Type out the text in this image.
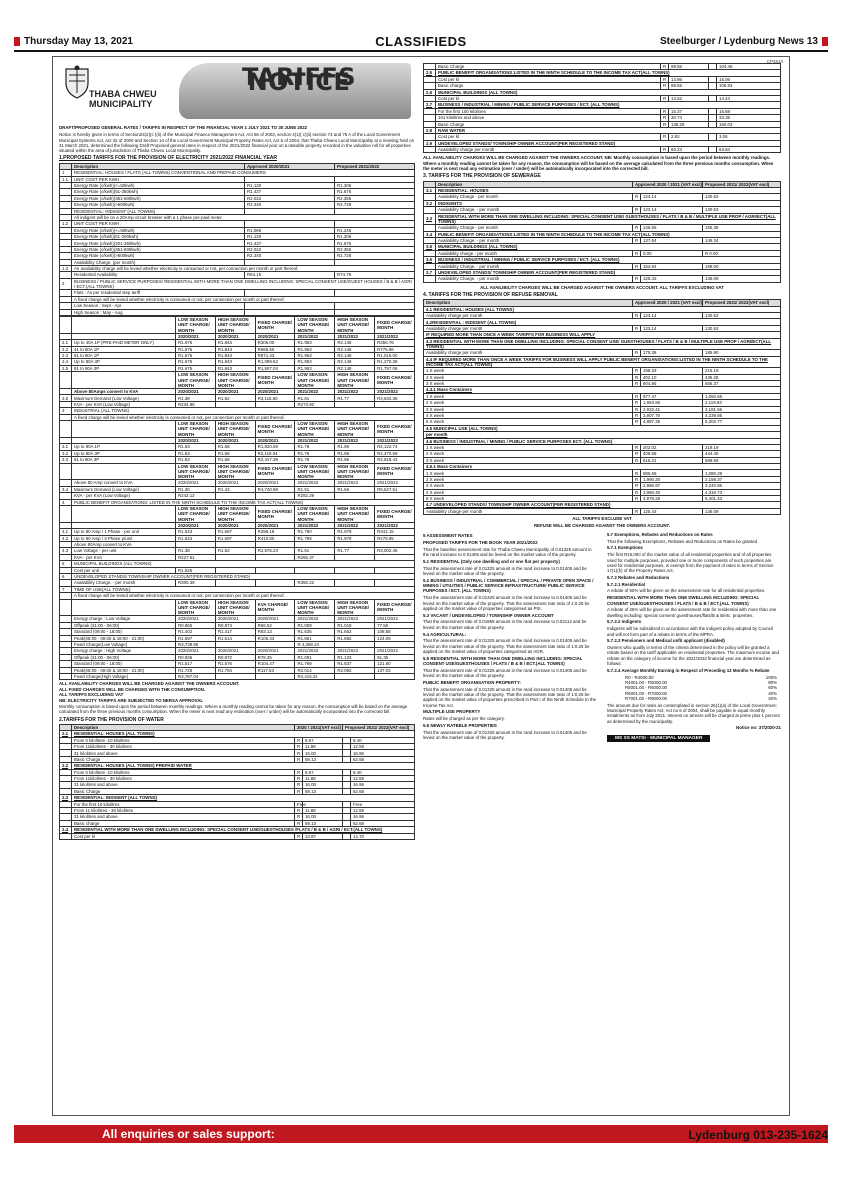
Thursday May 13, 2021	CLASSIFIEDS	Steelburger / Lydenburg News 13
CP4610
THABA CHWEU
MUNICIPALITY
TARIFFS NOTICE

DRAFT/PROPOSED GENERAL RATES / TARIFFS IN RESPECT OF THE FINANCIAL YEAR 1 JULY 2021 TO 30 JUNE 2022

Notice is hereby given in terms of Section24(2)(c )(ii) of the Municipal Finance Management Act, Act 56 of 2003, section 4(1)( c)(ii) section 74 and 75 A of the Local Government Municipal Systems Act, Act 32 of 2000 and Section 14 of the Local Government Municipal Property Rates Act, Act 6 of 2004, that Thaba Chweu Local Municipality at a meeting held on 31 March 2021, determined the following Draft Proposed general rates in respect of the 2021/2022 financial year on a rateable property recorded in the valuation roll for all properties situated within the area of jurisdiction of Thaba Chweu Local Municipality.

1.PROPOSED TARIFFS FOR THE PROVISION OF ELECTRICITY 2021/2022 FINANCIAL YEAR
	Description	Approved 2020/2021	Proposed 2021/2022
1	RESIDENTIAL: HOUSES / FLATS (ALL TOWNS) CONVENTIONAL AND PREPAID CONSUMERS		
1.1	UNIT COST PER KWH :		
	Energy Rate (c/kwh)(<=50kwh)	R1.120	R1.306
	Energy Rate (c/kwh)(51-350kwh)	R1.437	R1.675
	Energy Rate (c/kwh)(351-600kwh)	R2.022	R2.356
	Energy Rate (c/kwh)(>600kwh)	R2.340	R2.728
	RESIDENTIAL: INDIGENT (ALL TOWNS)		
	All indigent will be on a 20Amp circuit breaker with a 1 phase pre-paid meter.		
1.2	UNIT COST PER KWH :		
	Energy Rate (c/kwh)(<=50kwh)	R1.069	R1.246
	Energy Rate (c/kwh)(51-200kwh)	R1.120	R1.306
	Energy Rate (c/kwh)(201-350kwh)	R1.437	R1.675
	Energy Rate (c/kwh)(351-600kwh)	R2.022	R2.356
	Energy Rate (c/kwh)(>600kwh)	R2.340	R2.728
	Availability Charge. (per month)		
1.3	An availability charge will be levied whether electricity is consumed or not, per connection per month or part thereof.		
	Residential Availability	R64.15	R74.79
2	BUSINESS / PUBLIC SERVICE PURPOSES/ RESIDENTIAL WITH MORE THAN ONE DWELLING INCLUDING: SPECIAL CONSENT USE/GUEST HOUSES / B & B / AGRI / ECT.(ALL TOWNS)		
	Flats : As per residential step tariff		
	A fixed charge will be levied whether electricity is consumed or not, per connection per month or part thereof.		
	Low Season : Sept - Apr		
	High Season : May - Aug		
		LOW SEASON UNIT CHARGE/ MONTH	HIGH SEASON UNIT CHARGE/ MONTH	FIXED CHARGE/ MONTH	LOW SEASON UNIT CHARGE/ MONTH	HIGH SEASON UNIT CHARGE/ MONTH	FIXED CHARGE/ MONTH
		2020/2021	2020/2021	2020/2021	2021/2022	2021/2022	2021/2022
2.1	Up to 40A 1P (PRE-PAID METER ONLY)	R1.675	R1.843	R306.00	R1.953	R2.148	R356.76
2.2	41 to 80A 1P	R1.675	R1.843	R665.55	R1.953	R2.148	R775.96
2.3	81 to 80A 1P	R1.675	R1.843	R871.43	R1.953	R2.148	R1,016.00
2.4	Up to 80A 3P	R1.675	R1.843	R1,089.62	R1.953	R2.148	R1,270.39
2.5	81 to 80A 3P	R1.675	R1.843	R1,507.04	R1.953	R2.148	R1,757.06
		LOW SEASON UNIT CHARGE/ MONTH	HIGH SEASON UNIT CHARGE/ MONTH	FIXED CHARGE/ MONTH	LOW SEASON UNIT CHARGE/ MONTH	HIGH SEASON UNIT CHARGE/ MONTH	FIXED CHARGE/ MONTH
	Above 80Amps convert to KVA	2020/2021	2020/2021	2020/2021	2021/2022	2021/2022	2021/2022
2.6	Maximum Demand (Low Voltage)	R1.38	R1.52	R3,115.50	R1.61	R1.77	R3,632.36
	KVA - per KVA (Low Voltage)	R234.85			R273.92		
3	INDUSTRIAL (ALL TOWNS)						
	A fixed charge will be levied whether electricity is consumed or not, per connection per month or part thereof.						
		LOW SEASON UNIT CHARGE/ MONTH	HIGH SEASON UNIT CHARGE/ MONTH	FIXED CHARGE/ MONTH	LOW SEASON UNIT CHARGE/ MONTH	HIGH SEASON UNIT CHARGE/ MONTH	FIXED CHARGE/ MONTH
		2020/2021	2020/2021	2020/2021	2021/2022	2021/2022	2021/2022
3.1	Up to 80A 1P	R1.53	R1.68	R1,820.69	R1.78	R1.96	R2,122.74
3.2	Up to 80A 3P	R1.53	R1.68	R2,119.04	R1.78	R1.96	R2,470.59
3.3	81 to 80A 3P	R1.53	R1.68	R2,417.39	R1.78	R1.96	R2,818.43
		LOW SEASON UNIT CHARGE/ MONTH	HIGH SEASON UNIT CHARGE/ MONTH	FIXED CHARGE/ MONTH	LOW SEASON UNIT CHARGE/ MONTH	HIGH SEASON UNIT CHARGE/ MONTH	FIXED CHARGE/ MONTH
	Above 80 Amp convert to KVA	2020/2021	2020/2021	2020/2021	2021/2022	2021/2022	2021/2022
3.4	Maximum Demand (Low Voltage)	R1.30	R1.43	R4,740.98	R1.51	R1.66	R5,527.51
	KVA - per KVA (Low Voltage)	R242.12			R282.29		
4	PUBLIC BENEFIT ORGANISATIONS: LISTED IN THE NINTH SCHEDULE TO THE INCOME TAX ACT(ALL TOWNS)						
		LOW SEASON UNIT CHARGE/ MONTH	HIGH SEASON UNIT CHARGE/ MONTH	FIXED CHARGE/ MONTH	LOW SEASON UNIT CHARGE/ MONTH	HIGH SEASON UNIT CHARGE/ MONTH	FIXED CHARGE/ MONTH
		2020/2021	2020/2021	2020/2021	2021/2022	2021/2022	2021/2022
4.1	Up to 80 Amp / 1 Phase - per unit	R1.543	R1.697	R295.18	R1.790	R1.979	R344.15
4.2	Up to 80 Amp / 3 Phase p/unit	R1.543	R1.697	R410.80	R1.789	R1.979	R478.95
	Above 80Amp convert to KVA						
4.3	Low Voltage - per unit	R1.38	R1.52	R2,575.23	R1.61	R1.77	R3,002.46
	KVA - per KVA	R227.61			R265.37		
5	MUNICIPAL BUILDINGS (ALL TOWNS)						
	Cost per unit	R1.525					
6	UNDEVELOPED STANDS/ TOWNSHIP OWNER ACCOUNT(PER REGISTERED STAND)						
	Availability Charge. - per month	R300.39			R350.22		
7	TIME OF USE(ALL TOWNS):						
	A fixed charge will be levied whether electricity is consumed or not, per connection per month or part thereof.						
		LOW SEASON UNIT CHARGE/ MONTH	HIGH SEASON UNIT CHARGE/ MONTH	KVA CHARGE/ MONTH	LOW SEASON UNIT CHARGE/ MONTH	HIGH SEASON UNIT CHARGE/ MONTH	FIXED CHARGE/ MONTH
	Energy charge : Low Voltage	2020/2021	2020/2021	2020/2021	2021/2022	2021/2022	2021/2022
	Offpeak (21:00 - 06:00)	R0.865	R0.874	R66.52	R1.008	R1.019	77.56
	Standard (09:00 - 18:00)	R1.402	R1.417	R93.13	R1.635	R1.652	108.58
	Peak(06:00 - 09:00 & 18:00 - 21:00)	R1.597	R1.614	R106.43	R1.861	R1.882	124.09
	Fixed Charge(Low Voltage)	R3,738.95			R 4,359.24		
	Energy charge : High Voltage	2020/2021	2020/2021	2020/2021	2021/2022	2021/2022	2021/2022
	Offpeak (21:00 - 06:00)	R0.936	R0.972	R78.35	R1.091	R1.133	91.35
	Standard (09:00 - 18:00)	R1.517	R1.576	R104.47	R1.769	R1.837	121.80
	Peak(06:00 - 09:00 & 18:00 - 21:00)	R1.728	R1.794	R117.53	R2.014	R2.092	137.03
	Fixed Charge(High Voltage)	R3,787.04			R4,415.31		

ALL AVAILABILITY CHARGES WILL BE CHARGED AGAINST THE OWNERS ACCOUNT.

ALL FIXED CHARGES WILL BE CHARGED WITH THE CONSUMPTION.

ALL TARIFFS EXCLUDING VAT

NB: ELECTRICITY TARIFFS ARE SUBJECTED TO NERSA APPROVAL

Monthly consumption is based upon the period between monthly readings. Where a monthly reading cannot be taken for any reason, the consumption will be based on the average calculated from the three previous months consumption. When the meter is next read any estimation (over / under) will be automatically incorporated into the corrected bill.

2.TARIFFS FOR THE PROVISION OF WATER
	Description	2020 / 2021(VAT excl)		Proposed 2021/ 2022(VAT excl)	
2.1	RESIDENTIAL: HOUSES (ALL TOWNS)				
	From 0 kilolitres -10 kilolitres	R	8.87		9.40
	From 11kilolitres - 30 kilolitres	R	11.88		12.59
	31 kilolitres and above	R	16.00		16.96
	Basic Charge	R	59.13		62.68
2.2	RESIDENTIAL: HOUSES (ALL TOWNS) PREPAID WATER				
	From 0 kilolitres -10 kilolitres	R	8.87		9.40
	From 11kilolitres - 30 kilolitres	R	11.88		12.59
	31 kilolitres and above	R	16.00		16.96
	Basic Charge	R	59.13		62.68
2.3	RESIDENTIAL: INDIGENT (ALL TOWNS)				
	For the first 10 kilolitres	Free			Free
	From 11 kilolitres - 30 kilolitres	R	11.88		12.59
	31 kilolitres and above	R	16.00		16.96
	Basic charge	R	59.13		62.68
2.4	RESIDENTIAL WITH MORE THAN ONE DWELLING INCLUDING: SPECIAL CONSENT USE/GUESTHOUSES /FLATS / B & B / AGRI / ECT.(ALL TOWNS)				
	Cost per kl	R	13.87		14.70
	Basic Charge	R	98.55		104.46
2.5	PUBLIC BENEFIT ORGANISATIONS:LISTED IN THE NINTH SCHEDULE TO THE INCOME TAX ACT(ALL TOWNS)				
	Cost per kl	R	13.86		15.06
	Basic charge	R	98.55		106.93
2.6	MUNICIPAL BUILDINGS (ALL TOWNS)				
	Cost per kl	R	13.62		14.44
2.7	BUSINESS / INDUSTRIAL / MINING / PUBLIC SERVICE PURPOSES / ECT. (ALL TOWNS)				
	For the first 100 kilolitres	R	15.37		16.68
	101 kilolitres and above	R	30.74		33.35
	Basic Charge	R	138.28		150.03
2.8	RAW WATER				
	Cost per kl	R	2.82		3.06
2.9	UNDEVELOPED STANDS/ TOWNSHIP OWNER ACCOUNT(PER REGISTERED STAND)				
	Availability charge per month	R	60.23		63.84

ALL AVAILABILITY CHARGES WILL BE CHARGED AGAINST THE OWNERS ACCOUNT. NB: Monthly consumption is based upon the period between monthly readings. Where a monthly reading cannot be taken for any reason, the consumption will be based on the average calculated from the three previous months consumption. When the meter is next read any estimation (over / under) will be automatically incorporated into the corrected bill.

3. TARIFFS FOR THE PROVISION OF SEWERAGE
	Description	Approved 2020 / 2021 (VAT excl)		Proposed 2021/ 2022(VAT excl)
3.1	RESIDENTIAL: HOUSES			
	Availability Charge - per month	R	123.14	130.53
3.2	INDIGENTS			
	Availability Charge. - per month	R	123.14	130.53
3.3	RESIDENTIAL WITH MORE THAN ONE DWELLING INCLUDING: SPECIAL CONSENT USE/ GUESTHOUSES / FLATS / B & B / MULTIPLE USE PROP / AGRI/ECT(ALL TOWNS)			
	Availability Charge - per month	R	146.56	155.35
3.4	PUBLIC BENEFIT ORGANISATIONS:LISTED IN THE NINTH SCHEDULE TO THE INCOME TAX ACT(ALL TOWNS)			
	Availability Charge. - per month	R	137.64	149.34
3.5	MUNICIPAL BUILDINGS (ALL TOWNS)			
	Availability charge - per month	R	0.00	R 0.00
3.6	BUSINESS / INDUSTRIAL / MINING / PUBLIC SERVICE PURPOSES / ECT. (ALL TOWNS)			
	Availability Charge. - per month	R	154.84	168.00
3.7	UNDEVELOPED STANDS/ TOWNSHIP OWNER ACCOUNT(PER REGISTERED STAND)			
	Availability Charge. - per month	R	125.43	136.09

ALL AVAILIBILITY CHARGES WILL BE CHARGED AGAINST THE OWNERS ACCOUNT. ALL TARIFFS EXCLUDING VAT

4. TARIFFS FOR THE PROVISION OF REFUSE REMOVAL
Description	Approved 2020 / 2021 (VAT excl)		Proposed 2021/ 2022(VAT excl)
4.1 RESIDENTIAL: HOUSES (ALL TOWNS)			
Availability charge per month	R	123.14	130.53
4.2RESIDENTIAL : INDIGENT (ALL TOWNS)			
Availability charge per month	R	123.14	130.53
IF REQUIRED MORE THAN ONCE A WEEK TARIFFS FOR BUSINESS WILL APPLY			
4.3 RESIDENTIAL WITH MORE THAN ONE DWELLING INCLUDING: SPECIAL CONSENT USE/ GUESTHOUSES / FLATS / B & B / MULTIPLE USE PROP / AGRI/ECT(ALL TOWNS)			
Availability charge per month	R	175.38	185.90
4.4 IF REQUIRED MORE THAN ONCE A WEEK TARIFFS FOR BUSINESS WILL APPLY PUBLIC BENEFIT ORGANISATIONS:LISTED IN THE NINTH SCHEDULE TO THE INCOME TAX ACT(ALL TOWNS)			
1 X week	R	198.33	215.19
2 X week	R	402.10	436.28
3 X week	R	604.95	656.37
4.4.1 Mass Containers			
1 X week	R	977.47	1,060.56
2 X week	R	1,953.85	2,119.93
3 X week	R	2,932.41	3,181.66
4 X week	R	3,907.70	4,239.85
5 X week	R	4,887.35	5,302.77
4.5 MUNICIPAL USE (ALL TOWNS)			
per month			
4.6 BUSINESS / INDUSTRIAL / MINING / PUBLIC SERVICE PURPOSES ECT. (ALL TOWNS)			
1 X week	R	202.02	219.19
2 X week	R	409.58	444.40
3 X week	R	616.21	668.59
4.6.1 Mass Containers			
1 X week	R	995.66	1,080.29
2 X week	R	1,990.20	2,159.37
3 X week	R	2,986.97	3,240.86
4 X week	R	3,980.40	4,318.73
5 X week	R	4,978.28	5,401.43
4.7 UNDEVELOPED STANDS/ TOWNSHIP OWNER ACCOUNT(PER REGISTERED STAND)			
Availability charge per month	R	125.43	136.09

ALL TARIFFS EXCLUDE VAT

REFUSE WILL BE CHARGED AGAINST THE OWNERS ACCOUNT.

5 ASSESSMENT RATES

PROPOSED TARIFFS FOR THE BOOK YEAR 2021/2022

That the baseline assessment rate for Thaba Chweu Municipality of 0.01325 amount in the rand increase to 0.01405 and be levied on the market value of the property.

5.1 RESIDENTIAL (Only one dwelling and or one flat per property)

That the assessment rate of 0.01325 amount in the rand increase to 0.01405 and be levied on the market value of the property.

5.2 BUSINESS / INDUSTRIAL / COMMERCIAL / SPECIAL / PRIVATE OPEN SPACE / MINING / UTILITIES / PUBLIC SERVICE INFRASTRUCTURE/ PUBLIC SERVICE PURPOSES / ECT. (ALL TOWNS)

That the assessment rate of 0.01325 amount in the rand increase to 0.01405 and be levied on the market value of the property. That the assessment rate ratio of 1:0.25 be applied on the market value of properties categorised as PSI.

5.3 VACANT / UNDEVELOPED / TOWNSHIP OWNER ACCOUNT

That the assessment rate of 0.01958 amount in the rand increase to 0.02112 and be levied on the market value of the property.

5.4 AGRICULTURAL:

That the assessment rate of 0.01325 amount in the rand increase to 0.01405 and be levied on the market value of the property. That the assessment rate ratio of 1:0.25 be applied on the market value of properties categorised as AGR.

5.5 RESIDENTIAL WITH MORE THAN ONE DWELLING INCLUDING: SPECIAL CONSENT USE/GUESTHOUSES / FLATS / B & B / ECT.(ALL TOWNS)

That the assessment rate of 0.01325 amount in the rand increase to 0.01405 and be levied on the market value of the property.

PUBLIC BENEFIT ORGANISATION PROPERTY:

That the assessment rate of 0.01325 amount in the rand increase to 0.01405 and be levied on the market value of the property. That the assessment rate ratio of 1:0.25 be applied on the market value of properties prescribed in Part I of the Ninth Schedule to the Income Tax Act.

MULTIPLE USE PROPERTY

Rates will be charged as per the category.

5.6 NEWLY RATEBLE PROPERTIES

That the assessment rate of 0.01325 amount in the rand increase to 0.01405 and be levied on the market value of the property.

5.7 Exemptions, Rebates and Reductions on Rates

That the following Exemptions, Rebates and Reductions on Rates be granted

5.7.1 Exemptions

The first R15,000 of the market value of all residential properties and of all properties used for multiple purposes, provided one or more components of such properties are used for residential purposes, is exempt from the payment of rates in terms of Section 17(1)(h) of the Property Rates Act.

5.7.2 Rebates and Reductions

5.7.2.1 Residential

A rebate of 50% will be given on the assessment rate for all residential properties.

RESIDENTIAL WITH MORE THAN ONE DWELLING INCLUDING: SPECIAL CONSENT USE/GUESTHOUSES / FLATS / B & B / ECT.(ALL TOWNS)

A rebate of 25% will be given on the assessment rate for residential with more than one dwelling including: special consent/ guesthouses/flats/B & B/etc. properties.

5.7.2.2 Indigents

Indigents will be subsidized in accordance with the indigent policy adopted by Council and will not form part of a rebate in terms of the MPRA.

5.7.2.3 Pensioners and Medical unfit applicant (disabled)

Owners who qualify in terms of the criteria determined in the policy will be granted a rebate based on the tariff applicable on residential properties. The maximum income and rebate on the category of income for the 2021/2022 financial year are determined as follows:

5.7.2.4 Average Monthly Earning in Respect of Preceding 12 Months % Rebate

R0 - R4000.00	100%
R4001.00 - R5000.00	80%
R5001.00 - R6000.00	60%
R6001.00 - R7000.00	40%
R7001.00 - R9000.00	20%

The amount due for rates as contemplated in section 26(1)(a) of the Local Government: Municipal Property Rates Act, Act no 6 of 2004, shall be payable in equal monthly instalments as from July 2021. Interest on arrears will be charged at prime plus 1 percent as determined by the municipality.

Notice no: 37/2020-21

MS SS MATSI - MUNICIPAL MANAGER
All enquiries or sales support:	Lydenburg 013-235-1624
